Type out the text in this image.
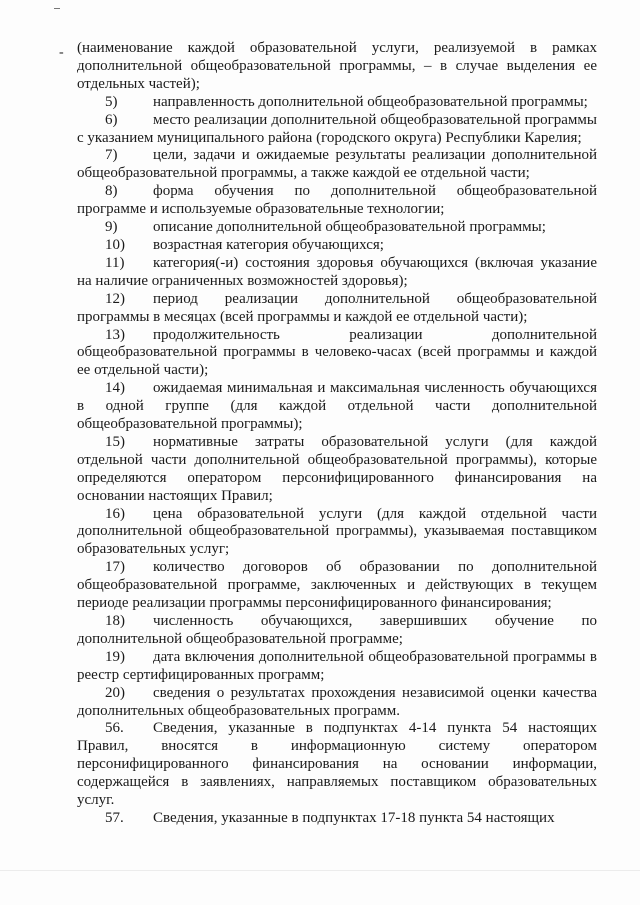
- (наименование каждой образовательной услуги, реализуемой в рамках дополнительной общеобразовательной программы, – в случае выделения ее отдельных частей);

5) направленность дополнительной общеобразовательной программы;

6) место реализации дополнительной общеобразовательной программы с указанием муниципального района (городского округа) Республики Карелия;

7) цели, задачи и ожидаемые результаты реализации дополнительной общеобразовательной программы, а также каждой ее отдельной части;

8) форма обучения по дополнительной общеобразовательной программе и используемые образовательные технологии;

9) описание дополнительной общеобразовательной программы;

10) возрастная категория обучающихся;

11) категория(-и) состояния здоровья обучающихся (включая указание на наличие ограниченных возможностей здоровья);

12) период реализации дополнительной общеобразовательной программы в месяцах (всей программы и каждой ее отдельной части);

13) продолжительность реализации дополнительной общеобразовательной программы в человеко-часах (всей программы и каждой ее отдельной части);

14) ожидаемая минимальная и максимальная численность обучающихся в одной группе (для каждой отдельной части дополнительной общеобразовательной программы);

15) нормативные затраты образовательной услуги (для каждой отдельной части дополнительной общеобразовательной программы), которые определяются оператором персонифицированного финансирования на основании настоящих Правил;

16) цена образовательной услуги (для каждой отдельной части дополнительной общеобразовательной программы), указываемая поставщиком образовательных услуг;

17) количество договоров об образовании по дополнительной общеобразовательной программе, заключенных и действующих в текущем периоде реализации программы персонифицированного финансирования;

18) численность обучающихся, завершивших обучение по дополнительной общеобразовательной программе;

19) дата включения дополнительной общеобразовательной программы в реестр сертифицированных программ;

20) сведения о результатах прохождения независимой оценки качества дополнительных общеобразовательных программ.

56. Сведения, указанные в подпунктах 4-14 пункта 54 настоящих Правил, вносятся в информационную систему оператором персонифицированного финансирования на основании информации, содержащейся в заявлениях, направляемых поставщиком образовательных услуг.

57. Сведения, указанные в подпунктах 17-18 пункта 54 настоящих
